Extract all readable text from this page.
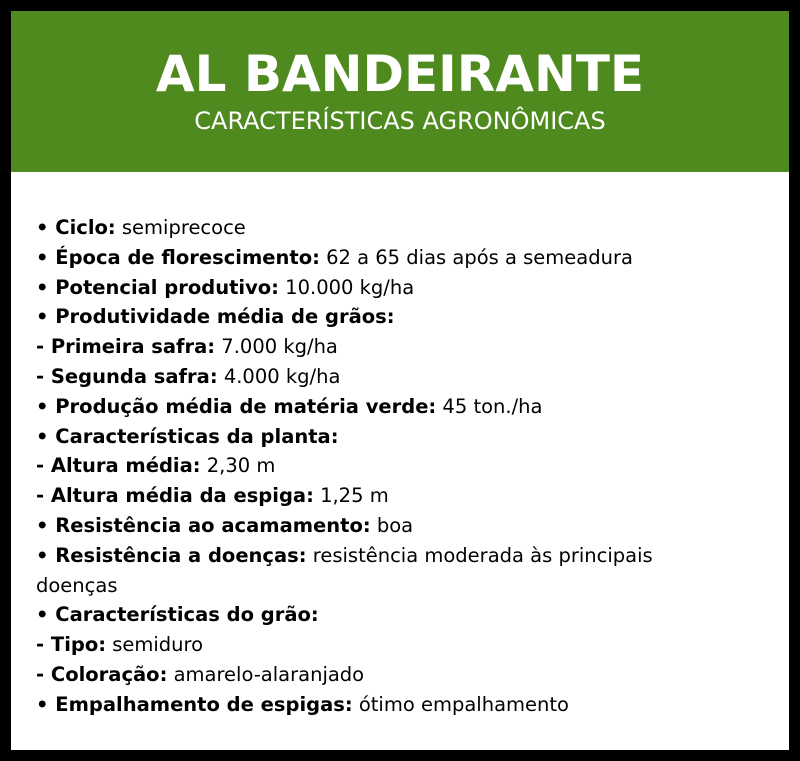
AL BANDEIRANTE
CARACTERÍSTICAS AGRONÔMICAS
• Ciclo: semiprecoce
• Época de florescimento: 62 a 65 dias após a semeadura
• Potencial produtivo: 10.000 kg/ha
• Produtividade média de grãos:
- Primeira safra: 7.000 kg/ha
- Segunda safra: 4.000 kg/ha
• Produção média de matéria verde: 45 ton./ha
• Características da planta:
- Altura média: 2,30 m
- Altura média da espiga: 1,25 m
• Resistência ao acamamento: boa
• Resistência a doenças: resistência moderada às principais doenças
• Características do grão:
- Tipo: semiduro
- Coloração: amarelo-alaranjado
• Empalhamento de espigas: ótimo empalhamento
